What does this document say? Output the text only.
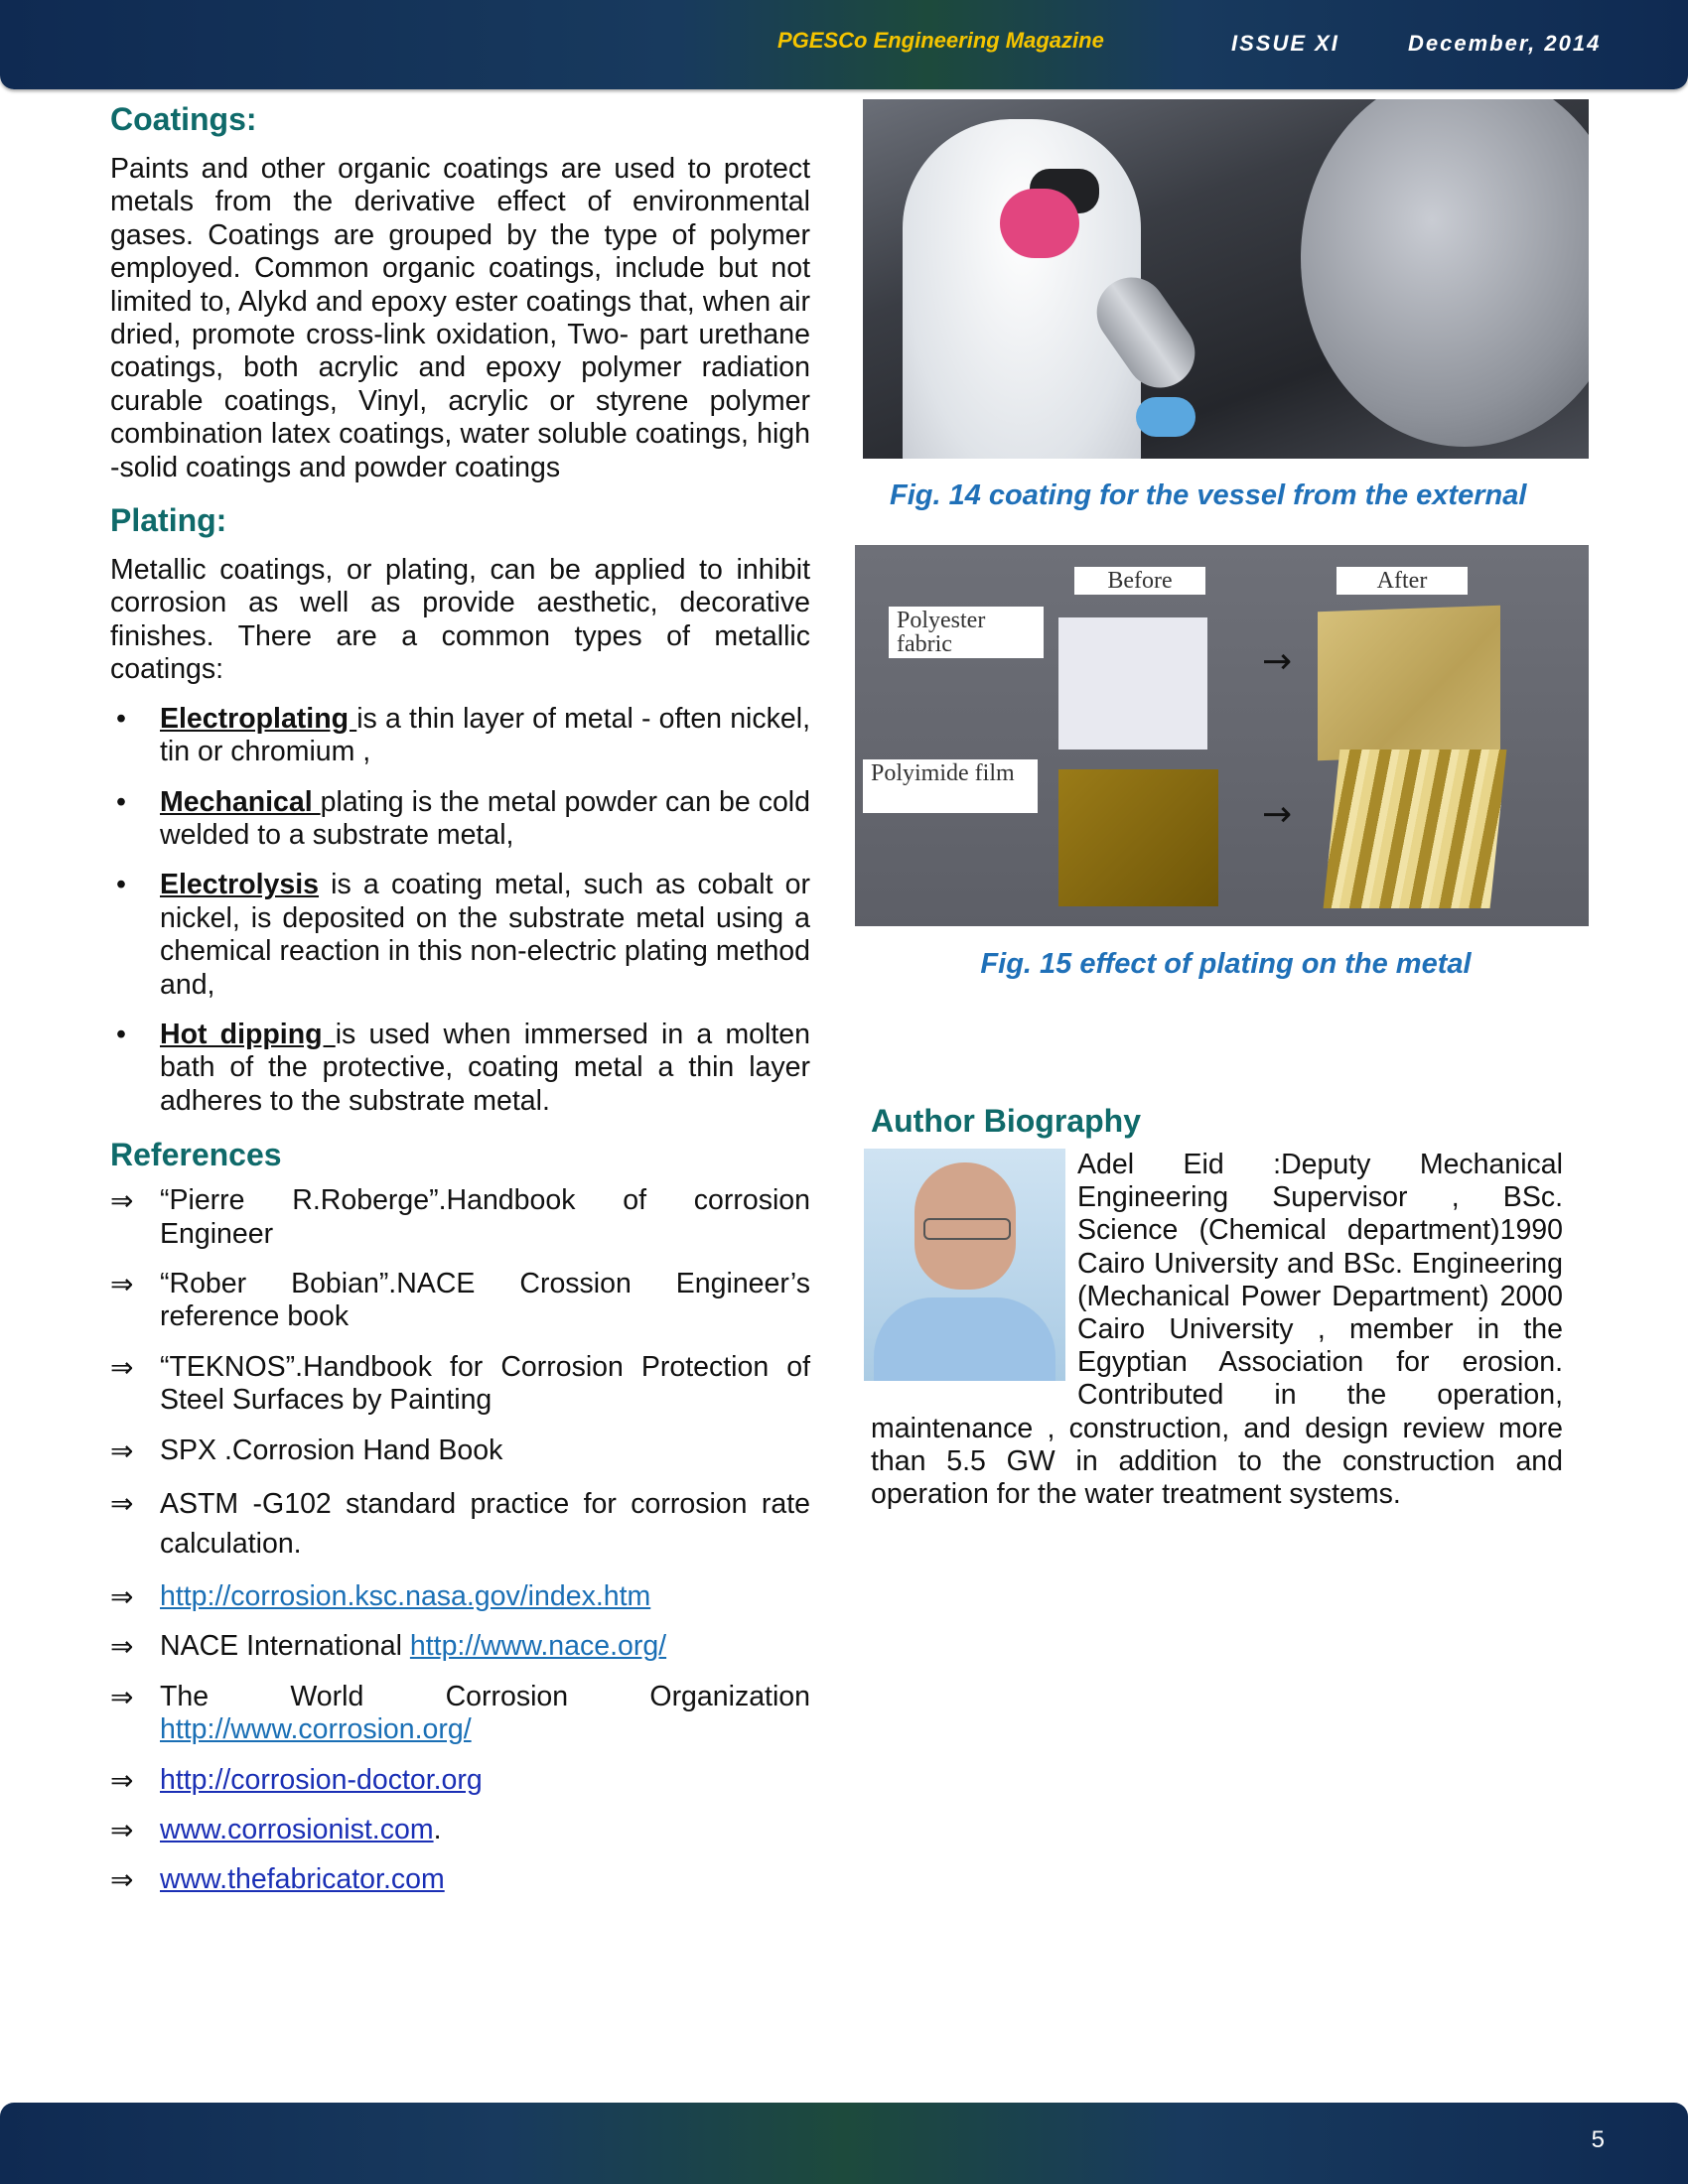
PGESCo Engineering Magazine	ISSUE XI	December, 2014
Coatings:

Paints and other organic coatings are used to protect metals from the derivative effect of environmental gases. Coatings are grouped by the type of polymer employed. Common organic coatings, include but not limited to, Alykd and epoxy ester coatings that, when air dried, promote cross-link oxidation, Two- part urethane coatings, both acrylic and epoxy polymer radiation curable coatings, Vinyl, acrylic or styrene polymer combination latex coatings, water soluble coatings, high -solid coatings and powder coatings

Plating:

Metallic coatings, or plating, can be applied to inhibit corrosion as well as provide aesthetic, decorative finishes. There are a common types of metallic coatings:

• Electroplating is a thin layer of metal - often nickel, tin or chromium ,
• Mechanical plating is the metal powder can be cold welded to a substrate metal,
• Electrolysis is a coating metal, such as cobalt or nickel, is deposited on the substrate metal using a chemical reaction in this non-electric plating method and,
• Hot dipping is used when immersed in a molten bath of the protective, coating metal a thin layer adheres to the substrate metal.
References
⇒ “Pierre R.Roberge”.Handbook of corrosion Engineer
⇒ “Rober Bobian”.NACE Crossion Engineer’s reference book
⇒ “TEKNOS”.Handbook for Corrosion Protection of Steel Surfaces by Painting
⇒ SPX .Corrosion Hand Book
⇒ ASTM -G102 standard practice for corrosion rate calculation.
⇒ http://corrosion.ksc.nasa.gov/index.htm
⇒ NACE International http://www.nace.org/
⇒ The World Corrosion Organization http://www.corrosion.org/
⇒ http://corrosion-doctor.org
⇒ www.corrosionist.com.
⇒ www.thefabricator.com
Fig. 14 coating for the vessel from the external
Before	After
Polyester fabric	→
Polyimide film
→
Fig. 15 effect of plating on the metal
Author Biography

Adel Eid :Deputy Mechanical Engineering Supervisor , BSc. Science (Chemical department)1990 Cairo University and BSc. Engineering (Mechanical Power Department) 2000 Cairo University , member in the Egyptian Association for erosion. Contributed in the operation, maintenance , construction, and design review more than 5.5 GW in addition to the construction and operation for the water treatment systems.

5
